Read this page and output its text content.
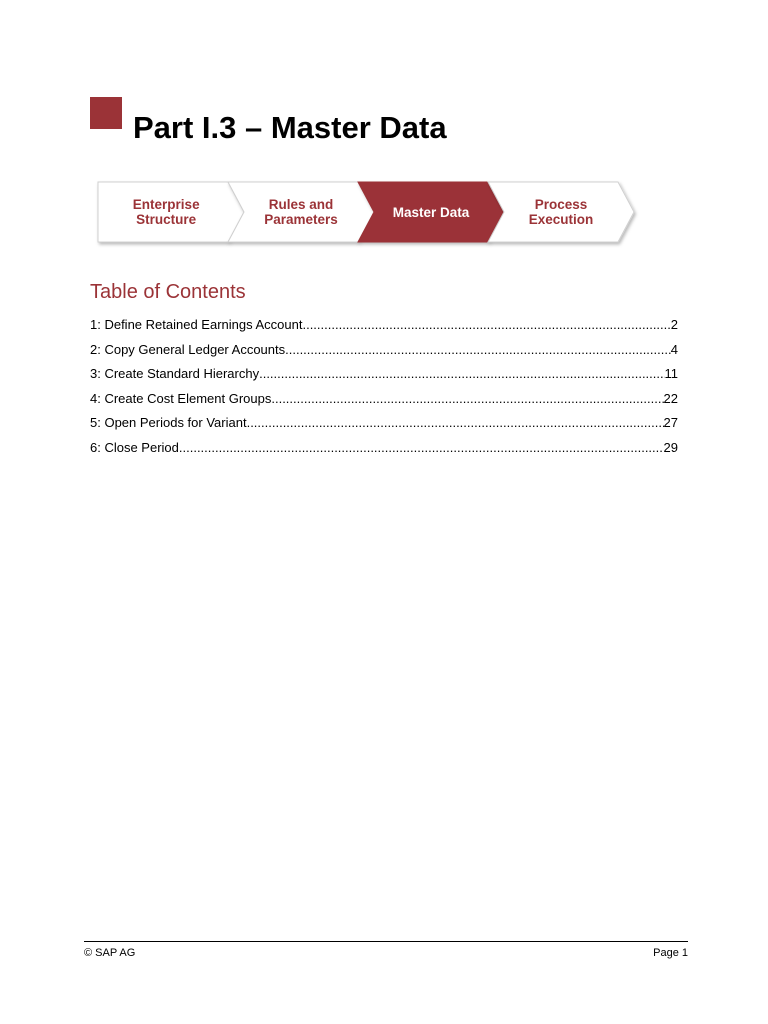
Part I.3 – Master Data
Enterprise
Structure
Rules and
Parameters	Master Data	Process
Execution
Table of Contents
1: Define Retained Earnings Account .....	2
2: Copy General Ledger Accounts .....	4
3: Create Standard Hierarchy .....	11
4: Create Cost Element Groups .....	22
5: Open Periods for Variant .....	27
6: Close Period .....	29
© SAP AG	Page 1
